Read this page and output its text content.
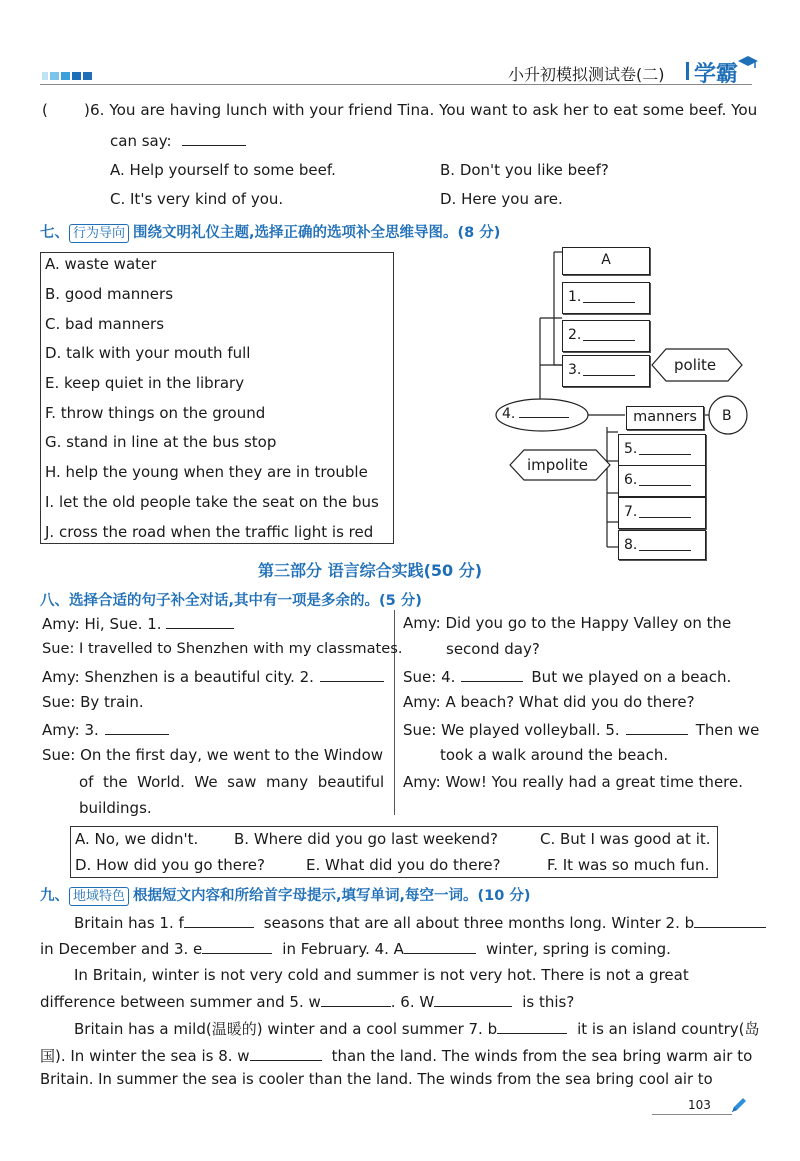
小升初模拟测试卷(二) 学霸
( ) 6. You are having lunch with your friend Tina. You want to ask her to eat some beef. You
can say:
A. Help yourself to some beef.	B. Don't you like beef?
C. It's very kind of you.	D. Here you are.
七、 行为导向 围绕文明礼仪主题,选择正确的选项补全思维导图。(8 分)
A. waste water
B. good manners
C. bad manners
D. talk with your mouth full
E. keep quiet in the library
F. throw things on the ground
G. stand in line at the bus stop
H. help the young when they are in trouble
I. let the old people take the seat on the bus
J. cross the road when the traffic light is red
A
1.
2.
3.	polite
4.	manners	B
impolite
5.
6.
7.
8.
第三部分 语言综合实践(50 分)
八、选择合适的句子补全对话,其中有一项是多余的。(5 分)
Amy: Hi, Sue. 1.
Sue: I travelled to Shenzhen with my classmates.
Amy: Shenzhen is a beautiful city. 2.
Sue: By train.
Amy: 3.
Sue: On the first day, we went to the Window
of  the  World.  We  saw  many  beautiful
buildings.
Amy: Did you go to the Happy Valley on the
second day?
Sue: 4.	But we played on a beach.
Amy: A beach? What did you do there?
Sue: We played volleyball. 5.	Then we
took a walk around the beach.
Amy: Wow! You really had a great time there.
A. No, we didn't. B. Where did you go last weekend?	C. But I was good at it.
D. How did you go there?	E. What did you do there?	F. It was so much fun.
九、 地域特色 根据短文内容和所给首字母提示,填写单词,每空一词。(10 分)
Britain has 1. f	seasons that are all about three months long. Winter 2. b
in December and 3. e	in February. 4. A	winter, spring is coming.
In Britain, winter is not very cold and summer is not very hot. There is not a great
difference between summer and 5. w	. 6. W	is this?
Britain has a mild(温暖的) winter and a cool summer 7. b	it is an island country(岛
国). In winter the sea is 8. w	than the land. The winds from the sea bring warm air to
Britain. In summer the sea is cooler than the land. The winds from the sea bring cool air to
103
